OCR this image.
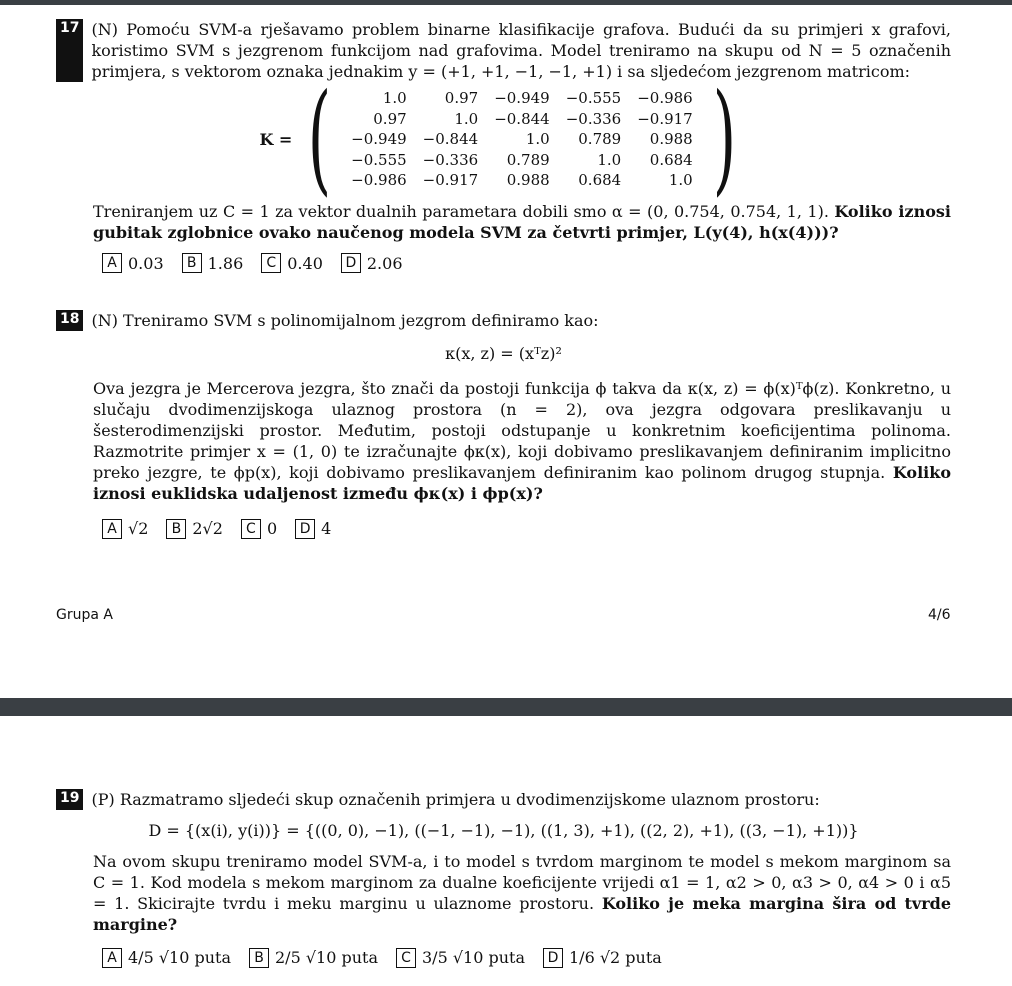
17 (N) Pomoću SVM-a rješavamo problem binarne klasifikacije grafova. Budući da su primjeri x grafovi, koristimo SVM s jezgrenom funkcijom nad grafovima. Model treniramo na skupu od N = 5 označenih primjera, s vektorom oznaka jednakim y = (+1, +1, −1, −1, +1) i sa sljedećom jezgrenom matricom:
K = (	1.0	0.97	−0.949	−0.555	−0.986
0.97	1.0	−0.844	−0.336	−0.917
−0.949	−0.844	1.0	0.789	0.988
−0.555	−0.336	0.789	1.0	0.684
−0.986	−0.917	0.988	0.684	1.0 )
Treniranjem uz C = 1 za vektor dualnih parametara dobili smo α = (0, 0.754, 0.754, 1, 1). Koliko iznosi gubitak zglobnice ovako naučenog modela SVM za četvrti primjer, L(y(4), h(x(4)))?
A 0.03	B 1.86	C 0.40	D 2.06
18 (N) Treniramo SVM s polinomijalnom jezgrom definiramo kao:
κ(x, z) = (xᵀz)²
Ova jezgra je Mercerova jezgra, što znači da postoji funkcija ϕ takva da κ(x, z) = ϕ(x)ᵀϕ(z). Konkretno, u slučaju dvodimenzijskoga ulaznog prostora (n = 2), ova jezgra odgovara preslikavanju u šesterodimenzijski prostor. Međutim, postoji odstupanje u konkretnim koeficijentima polinoma. Razmotrite primjer x = (1, 0) te izračunajte ϕκ(x), koji dobivamo preslikavanjem definiranim implicitno preko jezgre, te ϕp(x), koji dobivamo preslikavanjem definiranim kao polinom drugog stupnja. Koliko iznosi euklidska udaljenost između ϕκ(x) i ϕp(x)?
A √2	B 2√2	C 0	D 4
Grupa A	4/6
19 (P) Razmatramo sljedeći skup označenih primjera u dvodimenzijskome ulaznom prostoru:
D = {(x(i), y(i))} = {((0, 0), −1), ((−1, −1), −1), ((1, 3), +1), ((2, 2), +1), ((3, −1), +1))}
Na ovom skupu treniramo model SVM-a, i to model s tvrdom marginom te model s mekom marginom sa C = 1. Kod modela s mekom marginom za dualne koeficijente vrijedi α1 = 1, α2 > 0, α3 > 0, α4 > 0 i α5 = 1. Skicirajte tvrdu i meku marginu u ulaznome prostoru. Koliko je meka margina šira od tvrde margine?
A 4/5 √10 puta	B 2/5 √10 puta	C 3/5 √10 puta	D 1/6 √2 puta
